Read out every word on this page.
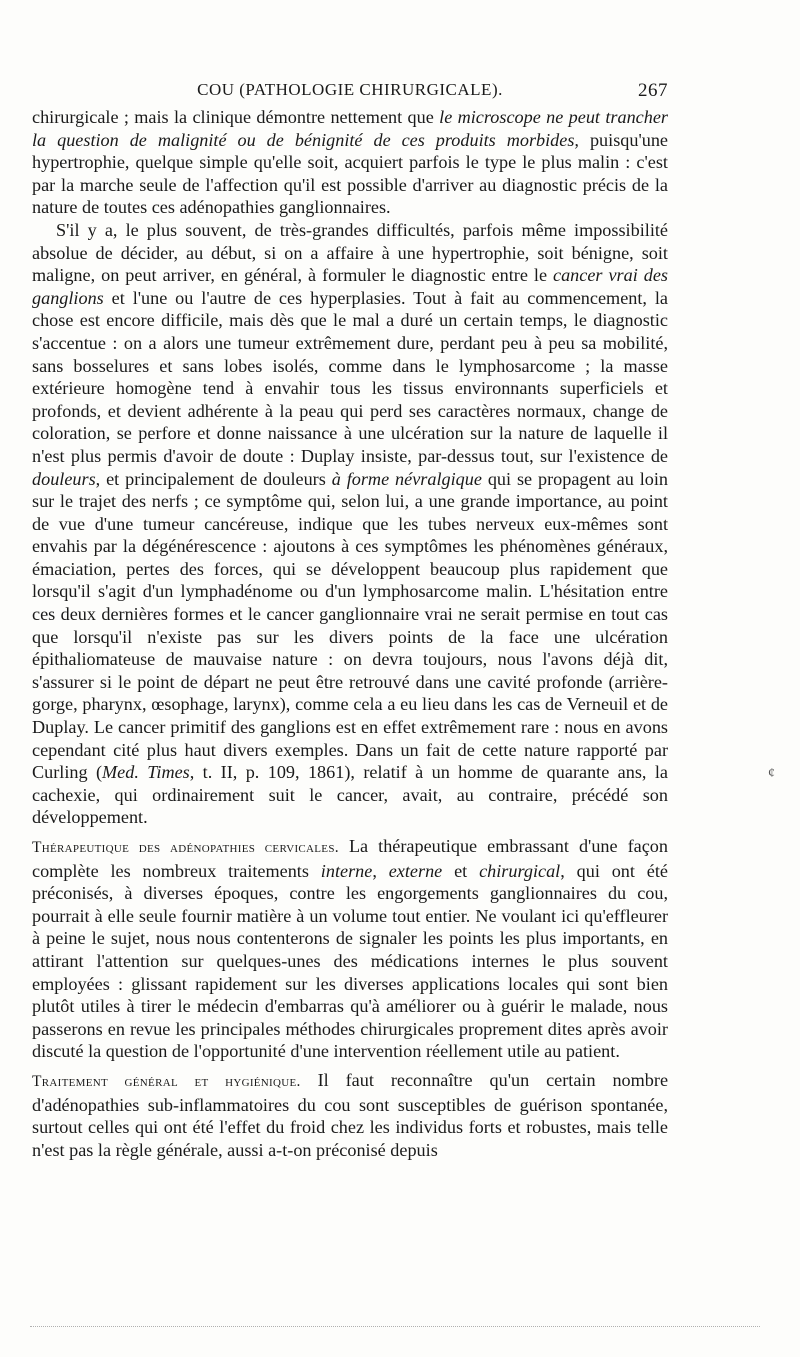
COU (PATHOLOGIE CHIRURGICALE).	267

chirurgicale ; mais la clinique démontre nettement que le microscope ne peut trancher la question de malignité ou de bénignité de ces produits morbides, puisqu'une hypertrophie, quelque simple qu'elle soit, acquiert parfois le type le plus malin : c'est par la marche seule de l'affection qu'il est possible d'arriver au diagnostic précis de la nature de toutes ces adénopathies ganglionnaires.

S'il y a, le plus souvent, de très-grandes difficultés, parfois même impossibilité absolue de décider, au début, si on a affaire à une hypertrophie, soit bénigne, soit maligne, on peut arriver, en général, à formuler le diagnostic entre le cancer vrai des ganglions et l'une ou l'autre de ces hyperplasies. Tout à fait au commencement, la chose est encore difficile, mais dès que le mal a duré un certain temps, le diagnostic s'accentue : on a alors une tumeur extrêmement dure, perdant peu à peu sa mobilité, sans bosselures et sans lobes isolés, comme dans le lymphosarcome ; la masse extérieure homogène tend à envahir tous les tissus environnants superficiels et profonds, et devient adhérente à la peau qui perd ses caractères normaux, change de coloration, se perfore et donne naissance à une ulcération sur la nature de laquelle il n'est plus permis d'avoir de doute : Duplay insiste, par-dessus tout, sur l'existence de douleurs, et principalement de douleurs à forme névralgique qui se propagent au loin sur le trajet des nerfs ; ce symptôme qui, selon lui, a une grande importance, au point de vue d'une tumeur cancéreuse, indique que les tubes nerveux eux-mêmes sont envahis par la dégénérescence : ajoutons à ces symptômes les phénomènes généraux, émaciation, pertes des forces, qui se développent beaucoup plus rapidement que lorsqu'il s'agit d'un lymphadénome ou d'un lymphosarcome malin. L'hésitation entre ces deux dernières formes et le cancer ganglionnaire vrai ne serait permise en tout cas que lorsqu'il n'existe pas sur les divers points de la face une ulcération épithaliomateuse de mauvaise nature : on devra toujours, nous l'avons déjà dit, s'assurer si le point de départ ne peut être retrouvé dans une cavité profonde (arrière-gorge, pharynx, œsophage, larynx), comme cela a eu lieu dans les cas de Verneuil et de Duplay. Le cancer primitif des ganglions est en effet extrêmement rare : nous en avons cependant cité plus haut divers exemples. Dans un fait de cette nature rapporté par Curling (Med. Times, t. II, p. 109, 1861), relatif à un homme de quarante ans, la cachexie, qui ordinairement suit le cancer, avait, au contraire, précédé son développement.

Thérapeutique des adénopathies cervicales. La thérapeutique embrassant d'une façon complète les nombreux traitements interne, externe et chirurgical, qui ont été préconisés, à diverses époques, contre les engorgements ganglionnaires du cou, pourrait à elle seule fournir matière à un volume tout entier. Ne voulant ici qu'effleurer à peine le sujet, nous nous contenterons de signaler les points les plus importants, en attirant l'attention sur quelques-unes des médications internes le plus souvent employées : glissant rapidement sur les diverses applications locales qui sont bien plutôt utiles à tirer le médecin d'embarras qu'à améliorer ou à guérir le malade, nous passerons en revue les principales méthodes chirurgicales proprement dites après avoir discuté la question de l'opportunité d'une intervention réellement utile au patient.

Traitement général et hygiénique. Il faut reconnaître qu'un certain nombre d'adénopathies sub-inflammatoires du cou sont susceptibles de guérison spontanée, surtout celles qui ont été l'effet du froid chez les individus forts et robustes, mais telle n'est pas la règle générale, aussi a-t-on préconisé depuis

¢
